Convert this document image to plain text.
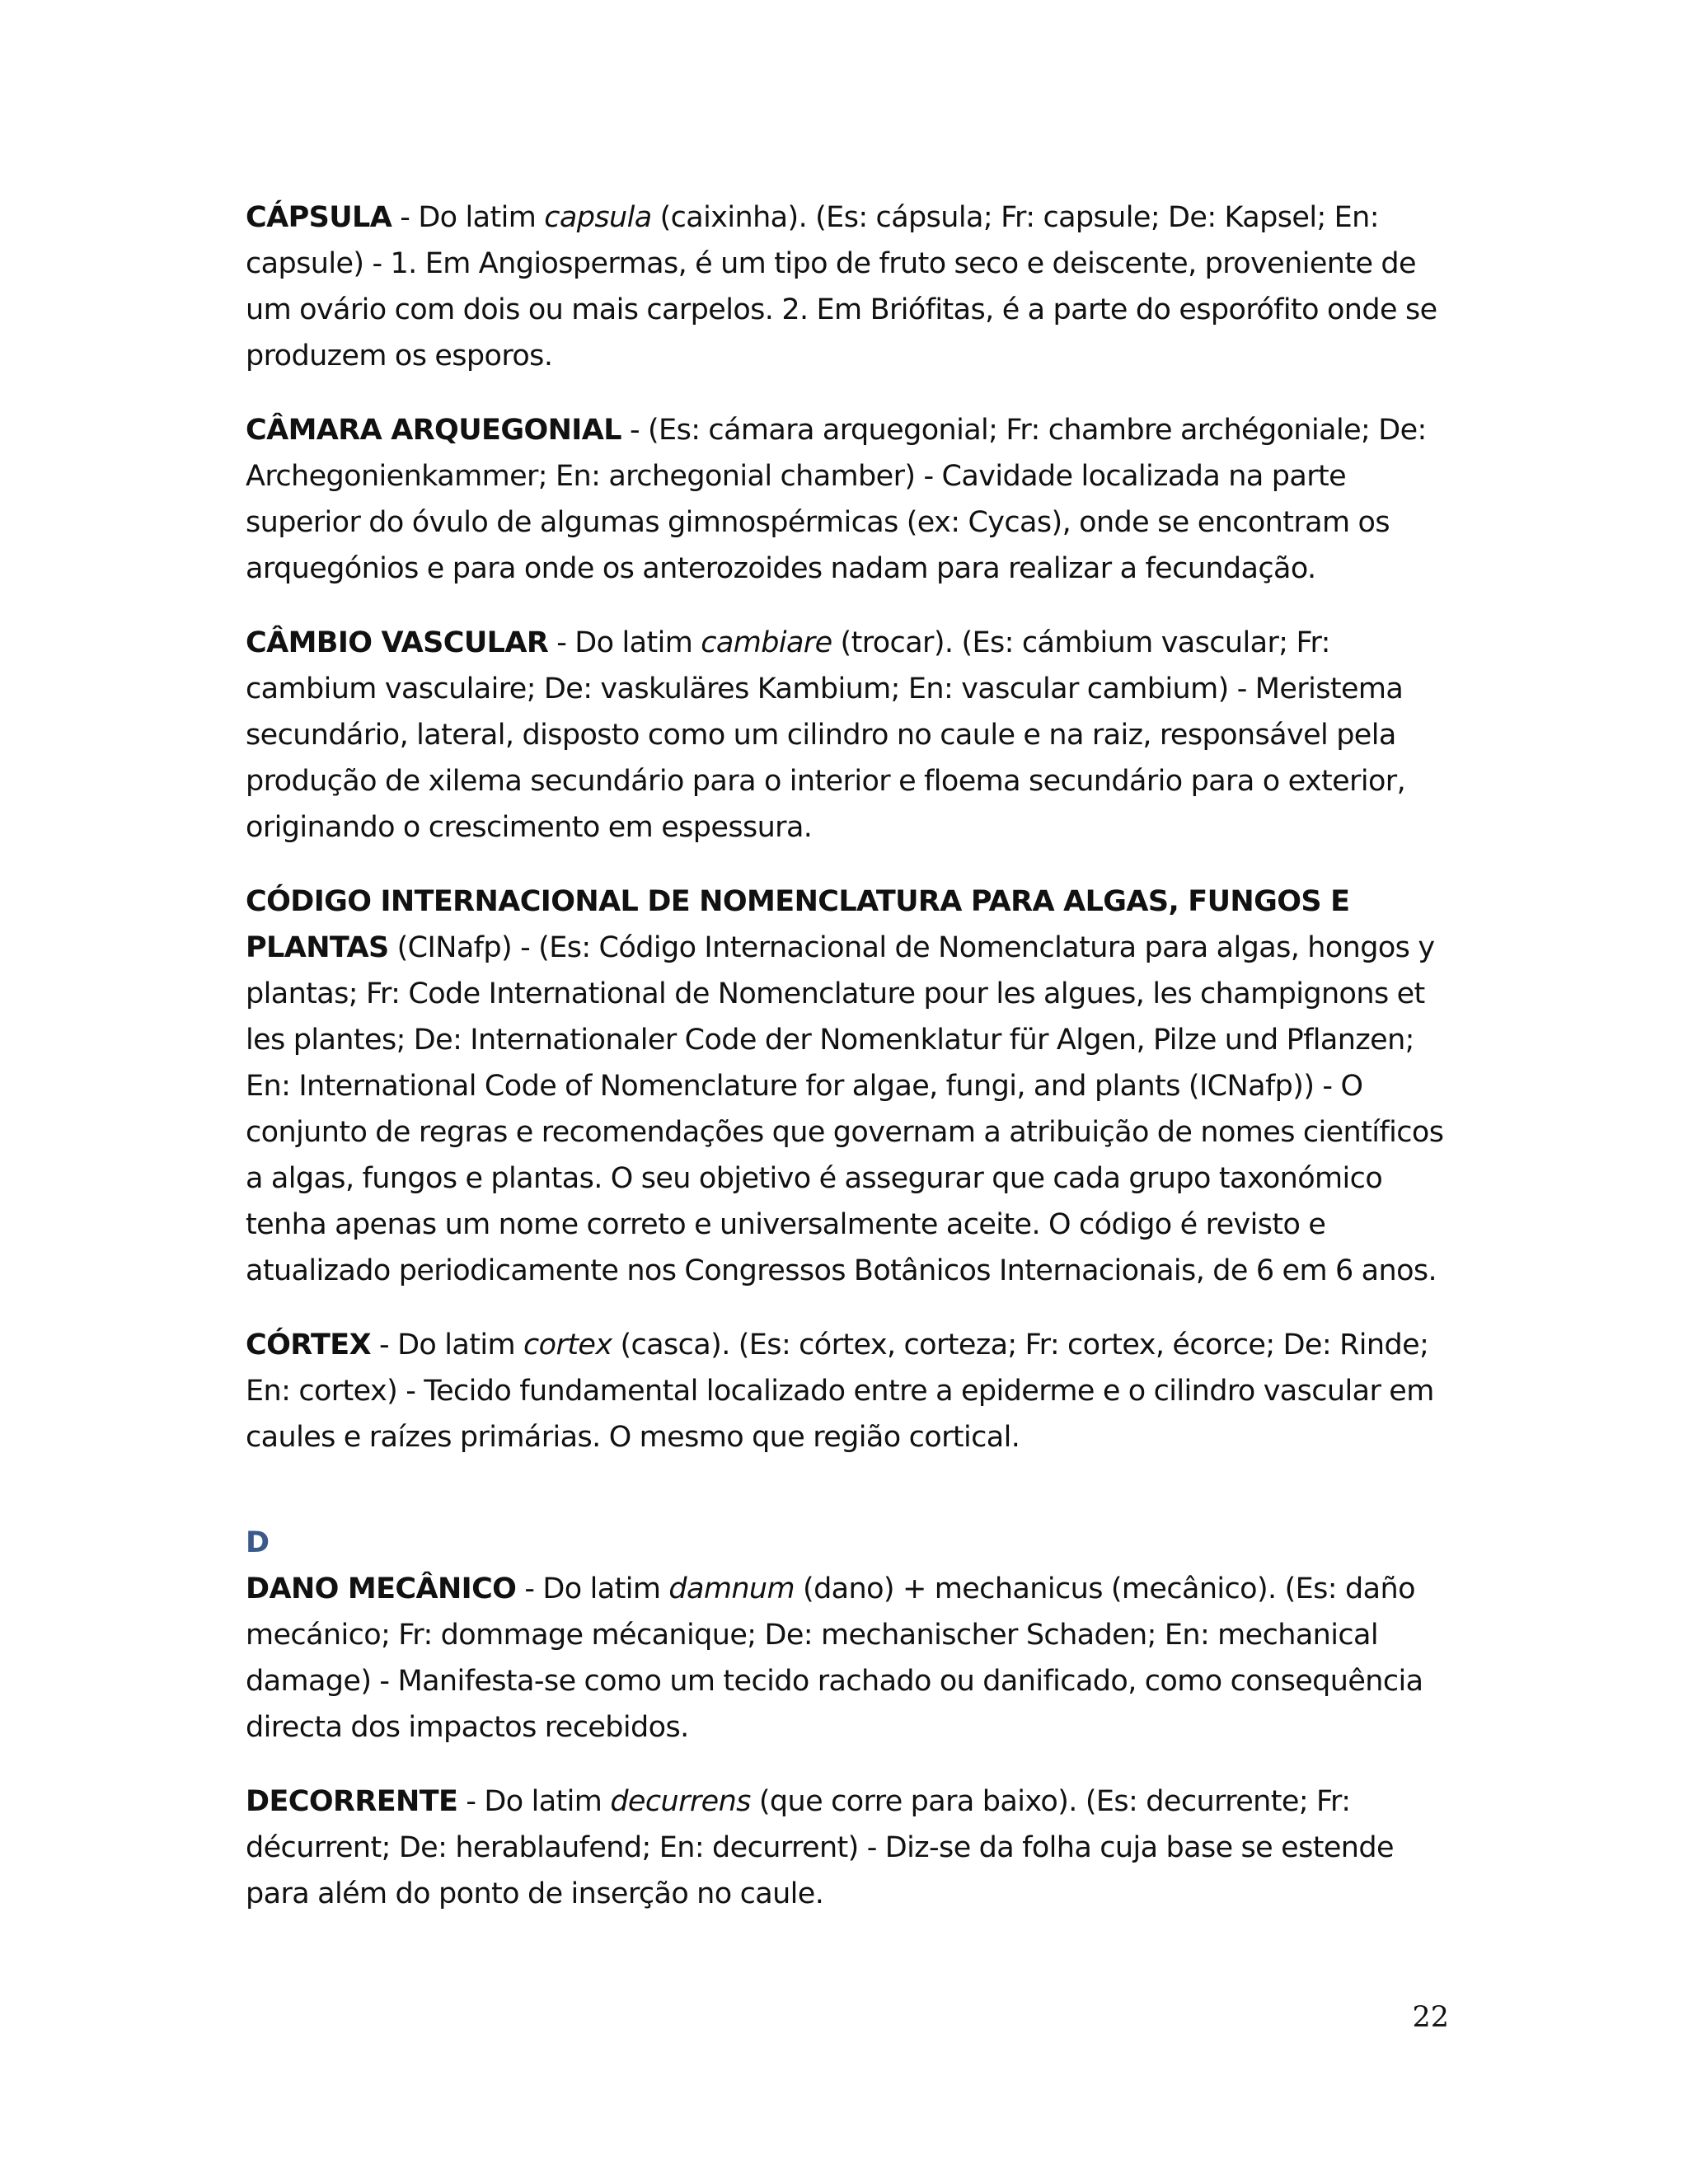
CÁPSULA - Do latim capsula (caixinha). (Es: cápsula; Fr: capsule; De: Kapsel; En: capsule) - 1. Em Angiospermas, é um tipo de fruto seco e deiscente, proveniente de um ovário com dois ou mais carpelos. 2. Em Briófitas, é a parte do esporófito onde se produzem os esporos.

CÂMARA ARQUEGONIAL - (Es: cámara arquegonial; Fr: chambre archégoniale; De: Archegonienkammer; En: archegonial chamber) - Cavidade localizada na parte superior do óvulo de algumas gimnospérmicas (ex: Cycas), onde se encontram os arquegónios e para onde os anterozoides nadam para realizar a fecundação.

CÂMBIO VASCULAR - Do latim cambiare (trocar). (Es: cámbium vascular; Fr: cambium vasculaire; De: vaskuläres Kambium; En: vascular cambium) - Meristema secundário, lateral, disposto como um cilindro no caule e na raiz, responsável pela produção de xilema secundário para o interior e floema secundário para o exterior, originando o crescimento em espessura.

CÓDIGO INTERNACIONAL DE NOMENCLATURA PARA ALGAS, FUNGOS E PLANTAS (CINafp) - (Es: Código Internacional de Nomenclatura para algas, hongos y plantas; Fr: Code International de Nomenclature pour les algues, les champignons et les plantes; De: Internationaler Code der Nomenklatur für Algen, Pilze und Pflanzen; En: International Code of Nomenclature for algae, fungi, and plants (ICNafp)) - O conjunto de regras e recomendações que governam a atribuição de nomes científicos a algas, fungos e plantas. O seu objetivo é assegurar que cada grupo taxonómico tenha apenas um nome correto e universalmente aceite. O código é revisto e atualizado periodicamente nos Congressos Botânicos Internacionais, de 6 em 6 anos.

CÓRTEX - Do latim cortex (casca). (Es: córtex, corteza; Fr: cortex, écorce; De: Rinde; En: cortex) - Tecido fundamental localizado entre a epiderme e o cilindro vascular em caules e raízes primárias. O mesmo que região cortical.

D

DANO MECÂNICO - Do latim damnum (dano) + mechanicus (mecânico). (Es: daño mecánico; Fr: dommage mécanique; De: mechanischer Schaden; En: mechanical damage) - Manifesta-se como um tecido rachado ou danificado, como consequência directa dos impactos recebidos.

DECORRENTE - Do latim decurrens (que corre para baixo). (Es: decurrente; Fr: décurrent; De: herablaufend; En: decurrent) - Diz-se da folha cuja base se estende para além do ponto de inserção no caule.

22
